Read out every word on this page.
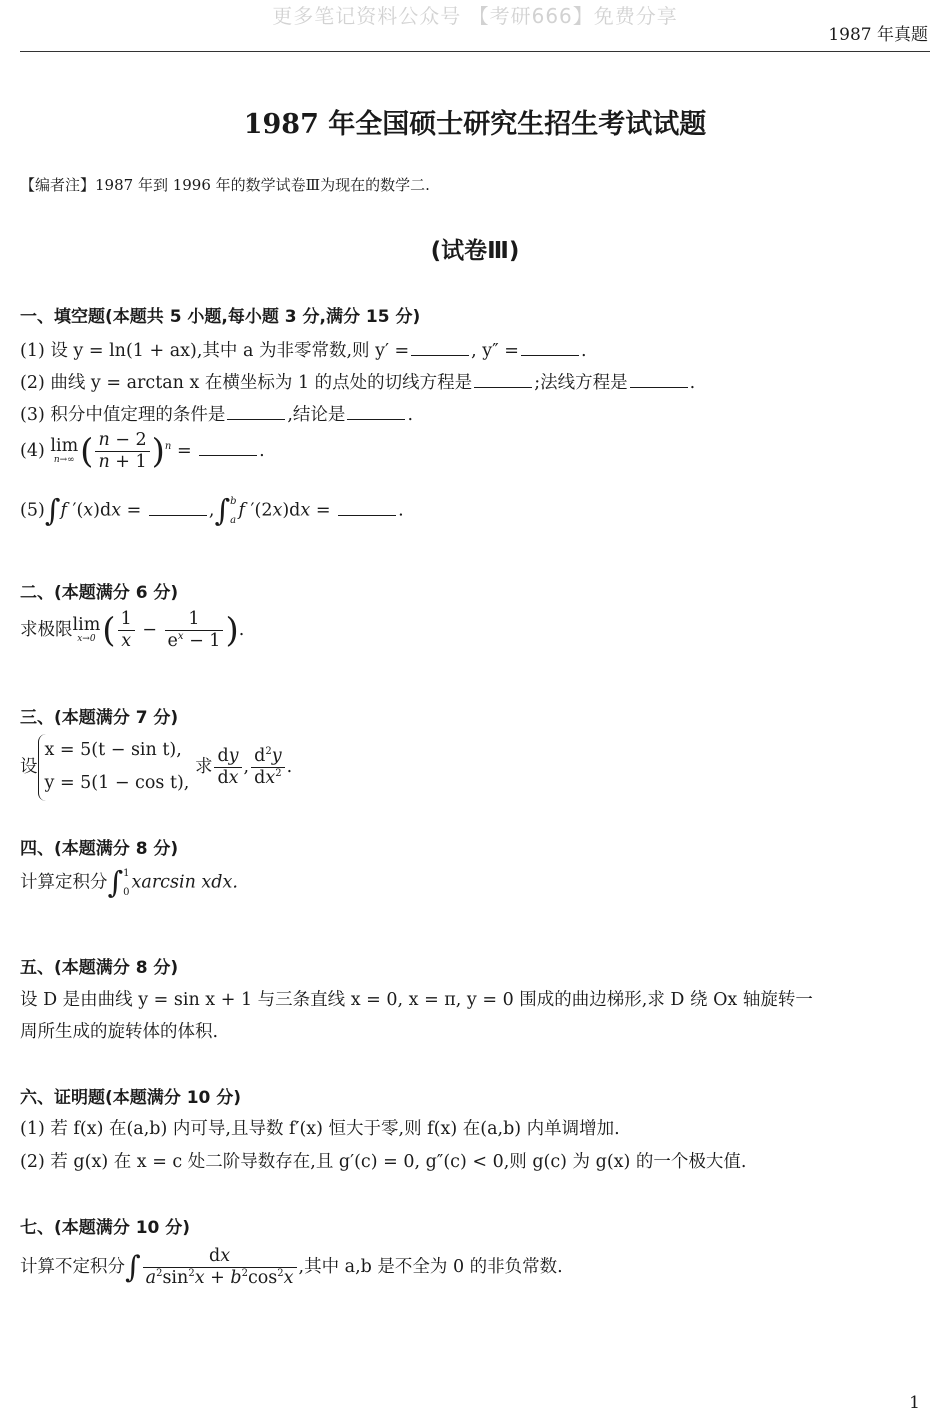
更多笔记资料公众号 【考研666】免费分享
1987 年真题
1987 年全国硕士研究生招生考试试题
【编者注】1987 年到 1996 年的数学试卷Ⅲ为现在的数学二.
(试卷Ⅲ)
一、填空题(本题共 5 小题,每小题 3 分,满分 15 分)
(1) 设 y = ln(1 + ax),其中 a 为非零常数,则 y′ =	, y″ =	.
(2) 曲线 y = arctan x 在横坐标为 1 的点处的切线方程是	;法线方程是	.
(3) 积分中值定理的条件是	,结论是	.
(4) lim
n→∞ ( $\frac{n - 2}{n + 1} )^n$ =	.
(5)∫f ′(x)dx =	,∫b
a f ′(2x)dx =	.
二、(本题满分 6 分)
求极限lim
x→0 ( $\frac{1}{x} - \frac{1}{e^x - 1}$ ).
三、(本题满分 7 分)
设x = 5(t − sin t),
y = 5(1 − cos t), 求 $\frac{dy}{dx}$ , $\frac{d^2y}{dx^2}$ .
四、(本题满分 8 分)
计算定积分∫1
0 xarcsin xdx.
五、(本题满分 8 分)
设 D 是由曲线 y = sin x + 1 与三条直线 x = 0, x = π, y = 0 围成的曲边梯形,求 D 绕 Ox 轴旋转一
周所生成的旋转体的体积.
六、证明题(本题满分 10 分)
(1) 若 f(x) 在(a,b) 内可导,且导数 f′(x) 恒大于零,则 f(x) 在(a,b) 内单调增加.
(2) 若 g(x) 在 x = c 处二阶导数存在,且 g′(c) = 0, g″(c) < 0,则 g(c) 为 g(x) 的一个极大值.
七、(本题满分 10 分)
计算不定积分∫ $\frac{dx}{a^2\sin^2x + b^2\cos^2x}$ ,其中 a,b 是不全为 0 的非负常数.
1
